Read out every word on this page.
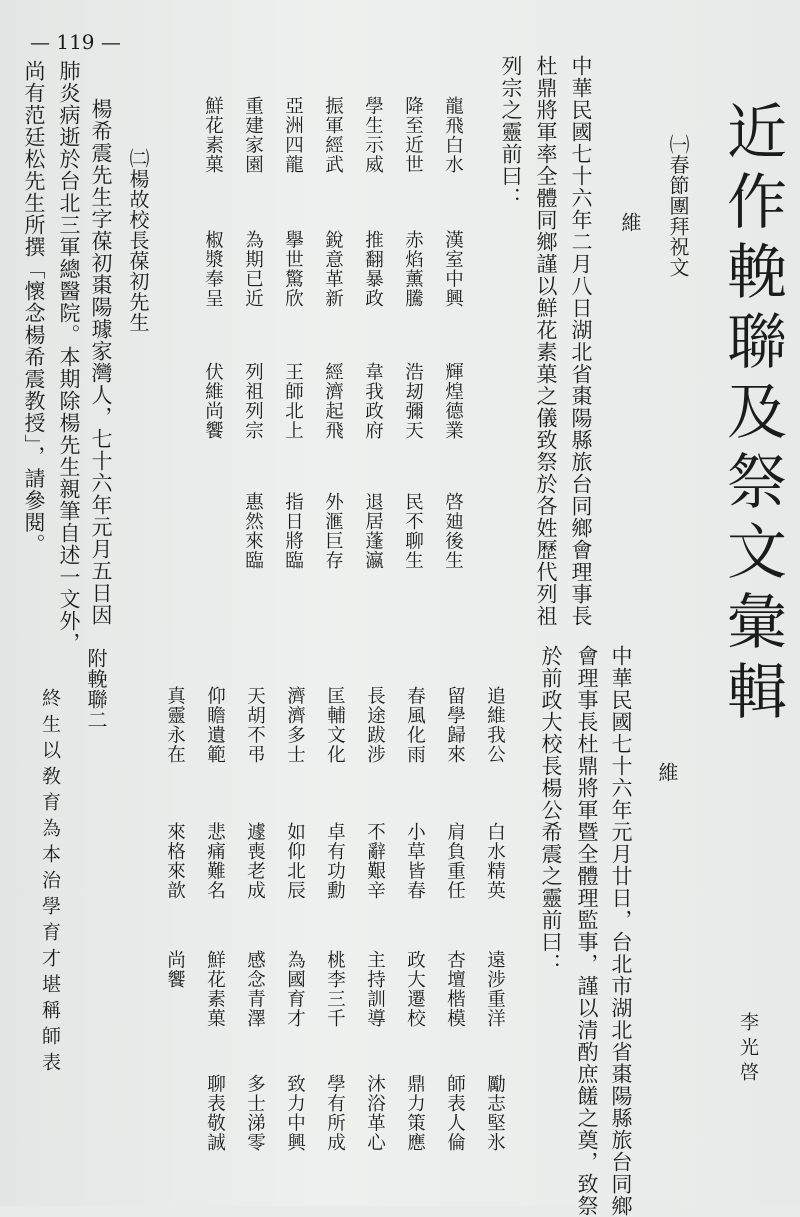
— 119 —
近作輓聯及祭文彙輯
李光啓
㈠春節團拜祝文
維
中華民國七十六年二月八日湖北省棗陽縣旅台同鄉會理事長
杜鼎將軍率全體同鄉謹以鮮花素菓之儀致祭於各姓歷代列祖
列宗之靈前曰：
龍飛白水
漢室中興
輝煌德業
啓廸後生
降至近世
赤焰薰騰
浩刼彌天
民不聊生
學生示威
推翻暴政
韋我政府
退居蓬瀛
振軍經武
銳意革新
經濟起飛
外滙巨存
亞洲四龍
擧世驚欣
王師北上
指日將臨
重建家園
為期已近
列祖列宗
惠然來臨
鮮花素菓
椒漿奉呈
伏維尚饗
㈡楊故校長葆初先生
楊希震先生字葆初棗陽璩家灣人，七十六年元月五日因
肺炎病逝於台北三軍總醫院。本期除楊先生親筆自述一文外，
尚有范廷松先生所撰「懷念楊希震教授」，請參閱。
維
中華民國七十六年元月廿日，台北市湖北省棗陽縣旅台同鄉
會理事長杜鼎將軍暨全體理監事，謹以清酌庶饈之奠，致祭
於前政大校長楊公希震之靈前曰：
追維我公
白水精英
遠涉重洋
勵志堅氷
留學歸來
肩負重任
杏壇楷模
師表人倫
春風化雨
小草皆春
政大遷校
鼎力策應
長途跋涉
不辭艱辛
主持訓導
沐浴革心
匡輔文化
卓有功勳
桃李三千
學有所成
濟濟多士
如仰北辰
為國育才
致力中興
天胡不弔
遽喪老成
感念青澤
多士涕零
仰瞻遺範
悲痛難名
鮮花素菓
聊表敬誠
真靈永在
來格來歆
尚饗
附輓聯二
終生以敎育為本治學育才堪稱師表
